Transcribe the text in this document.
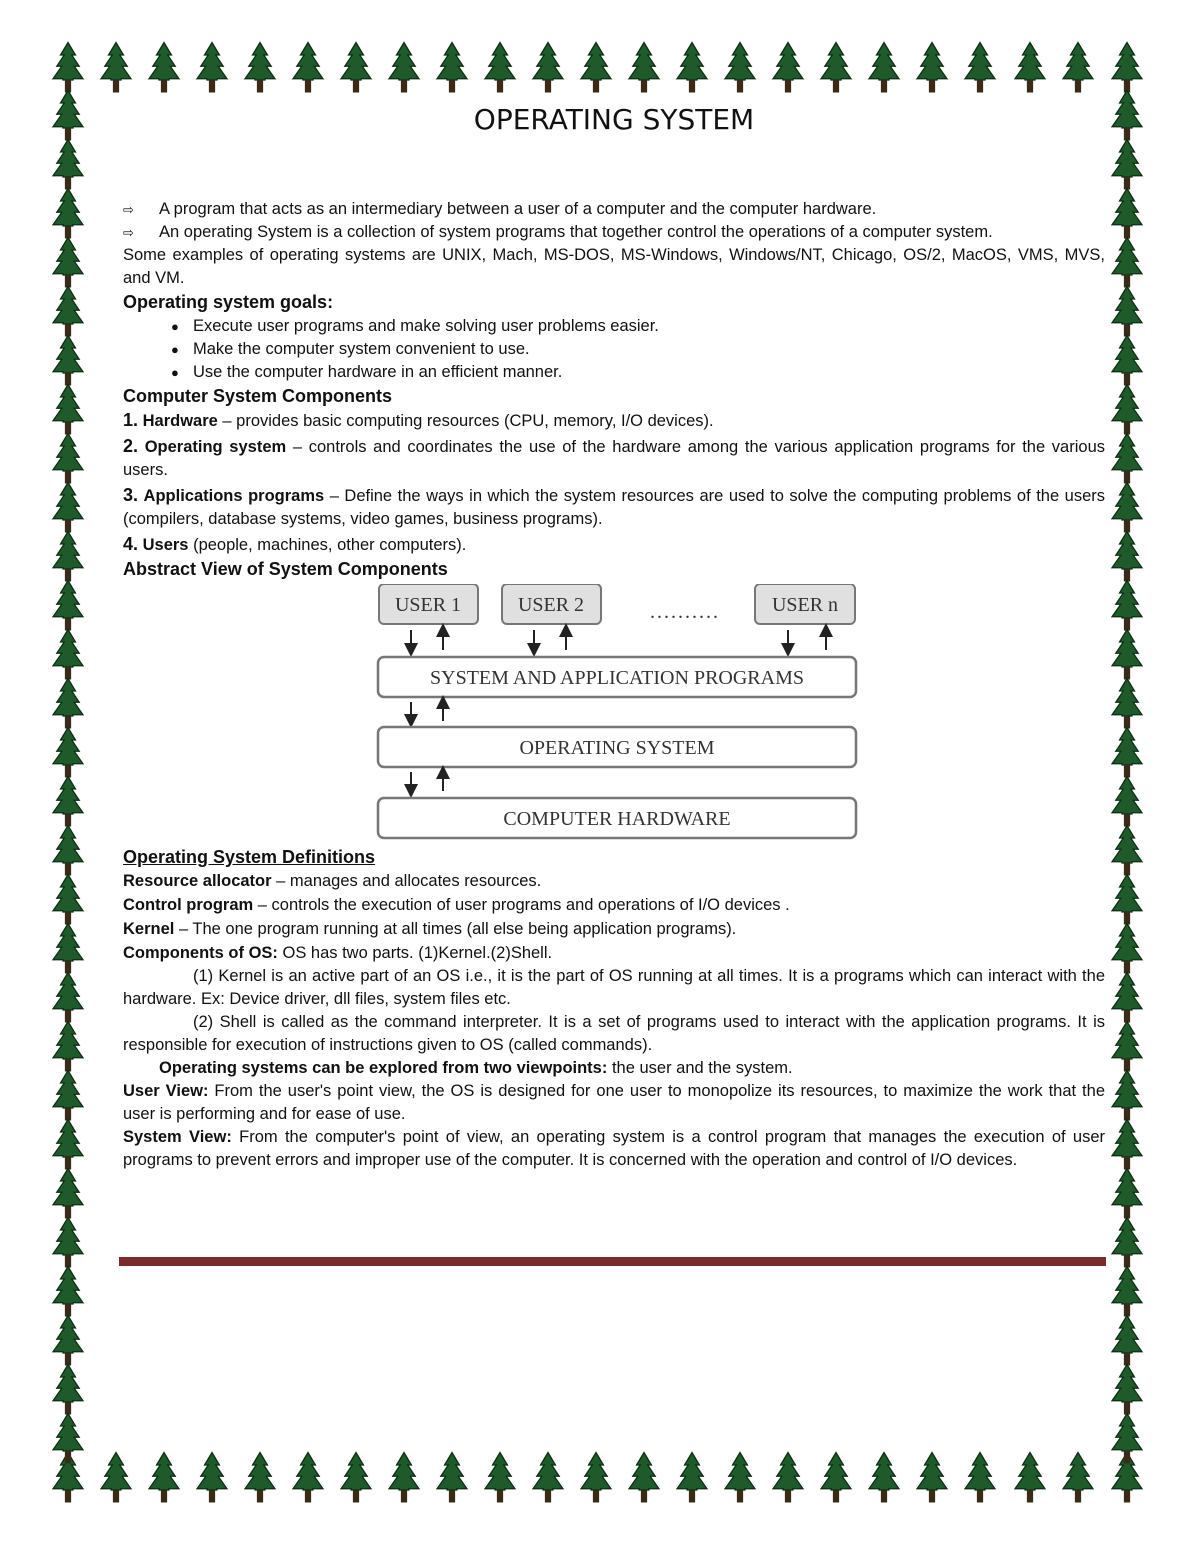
OPERATING SYSTEM
⇨	A program that acts as an intermediary between a user of a computer and the computer hardware.
⇨	An operating System is a collection of system programs that together control the operations of a computer system.
Some examples of operating systems are UNIX, Mach, MS-DOS, MS-Windows, Windows/NT, Chicago, OS/2, MacOS, VMS, MVS, and VM.
Operating system goals:
● Execute user programs and make solving user problems easier.
● Make the computer system convenient to use.
● Use the computer hardware in an efficient manner.
Computer System Components
1. Hardware – provides basic computing resources (CPU, memory, I/O devices).
2. Operating system – controls and coordinates the use of the hardware among the various application programs for the various users.
3. Applications programs – Define the ways in which the system resources are used to solve the computing problems of the users (compilers, database systems, video games, business programs).
4. Users (people, machines, other computers).
Abstract View of System Components
USER 1	USER 2	..........	USER n
SYSTEM AND APPLICATION PROGRAMS
OPERATING SYSTEM
COMPUTER HARDWARE
Operating System Definitions
Resource allocator – manages and allocates resources.
Control program – controls the execution of user programs and operations of I/O devices .
Kernel – The one program running at all times (all else being application programs).
Components of OS: OS has two parts. (1)Kernel.(2)Shell.
(1) Kernel is an active part of an OS i.e., it is the part of OS running at all times. It is a programs which can interact with the hardware. Ex: Device driver, dll files, system files etc.
(2) Shell is called as the command interpreter. It is a set of programs used to interact with the application programs. It is responsible for execution of instructions given to OS (called commands).
Operating systems can be explored from two viewpoints: the user and the system.
User View: From the user's point view, the OS is designed for one user to monopolize its resources, to maximize the work that the user is performing and for ease of use.
System View: From the computer's point of view, an operating system is a control program that manages the execution of user programs to prevent errors and improper use of the computer. It is concerned with the operation and control of I/O devices.
